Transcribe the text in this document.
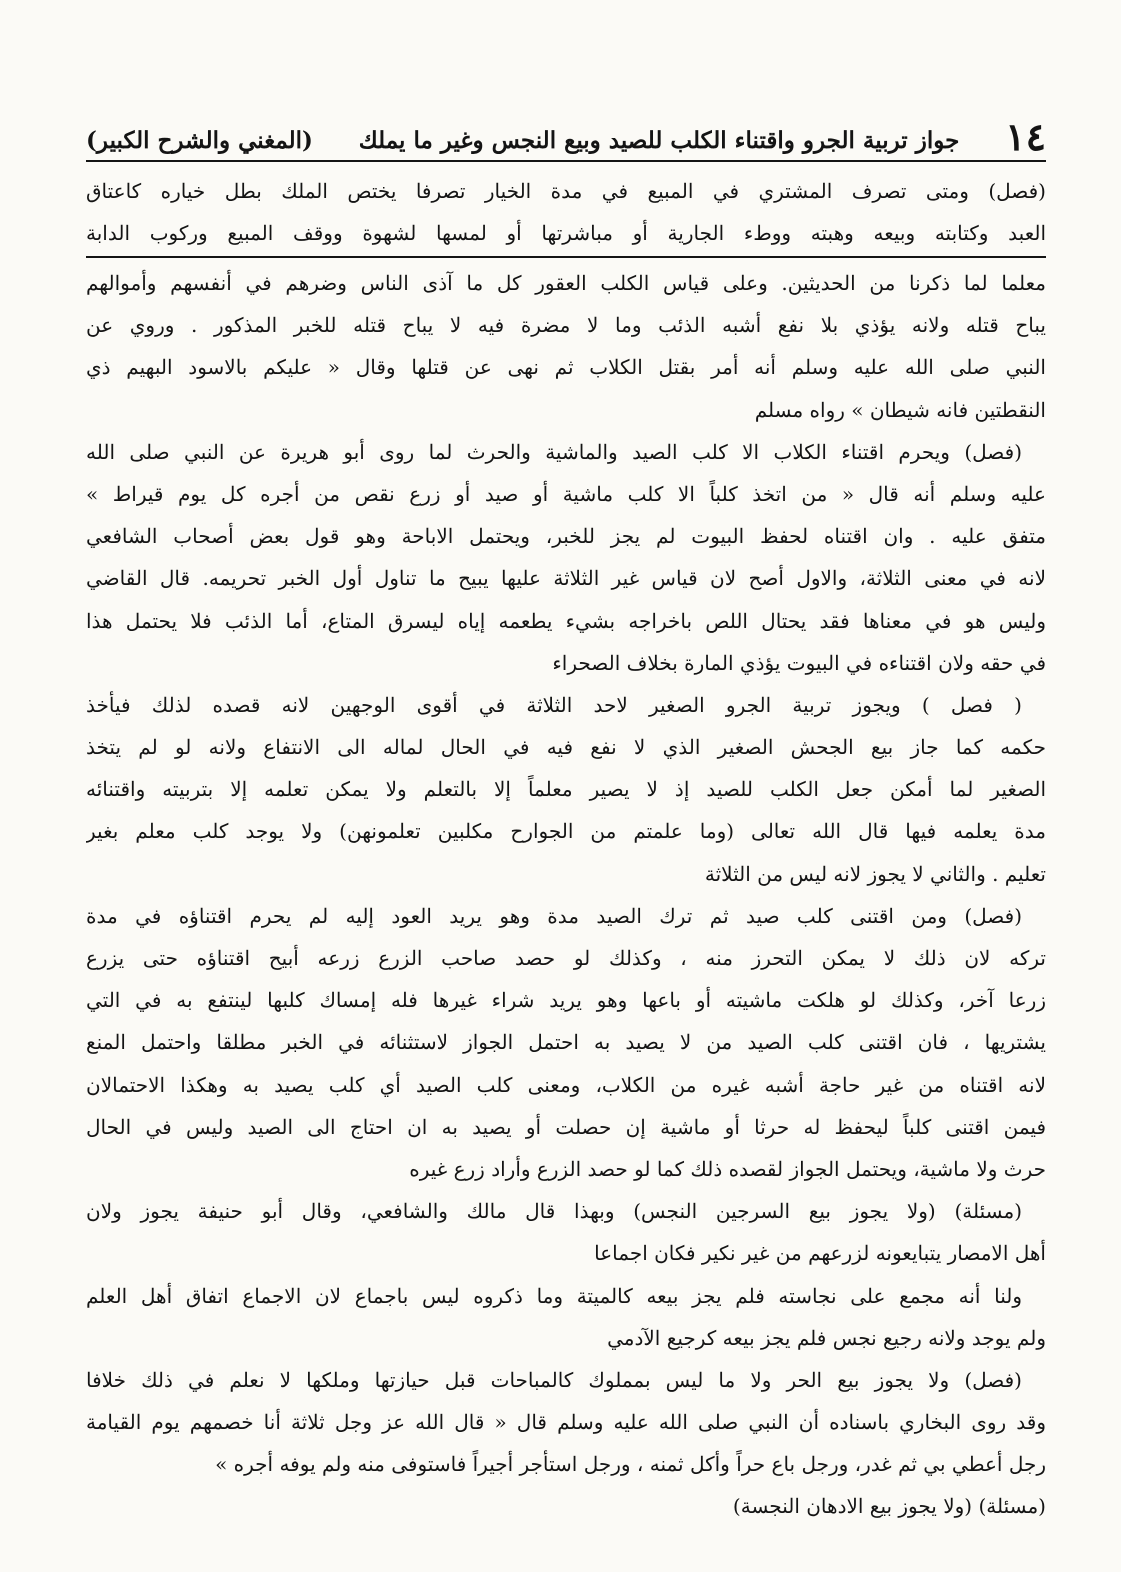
١٤
جواز تربية الجرو واقتناء الكلب للصيد وبيع النجس وغير ما يملك
(المغني والشرح الكبير)
(فصل) ومتى تصرف المشتري في المبيع في مدة الخيار تصرفا يختص الملك بطل خياره كاعتاق
العبد وكتابته وبيعه وهبته ووطء الجارية أو مباشرتها أو لمسها لشهوة ووقف المبيع وركوب الدابة
معلما لما ذكرنا من الحديثين. وعلى قياس الكلب العقور كل ما آذى الناس وضرهم في أنفسهم وأموالهم
يباح قتله ولانه يؤذي بلا نفع أشبه الذئب وما لا مضرة فيه لا يباح قتله للخبر المذكور . وروي عن
النبي صلى الله عليه وسلم أنه أمر بقتل الكلاب ثم نهى عن قتلها وقال « عليكم بالاسود البهيم ذي
النقطتين فانه شيطان » رواه مسلم
(فصل) ويحرم اقتناء الكلاب الا كلب الصيد والماشية والحرث لما روى أبو هريرة عن النبي صلى الله
عليه وسلم أنه قال « من اتخذ كلباً الا كلب ماشية أو صيد أو زرع نقص من أجره كل يوم قيراط »
متفق عليه . وان اقتناه لحفظ البيوت لم يجز للخبر، ويحتمل الاباحة وهو قول بعض أصحاب الشافعي
لانه في معنى الثلاثة، والاول أصح لان قياس غير الثلاثة عليها يبيح ما تناول أول الخبر تحريمه. قال القاضي
وليس هو في معناها فقد يحتال اللص باخراجه بشيء يطعمه إياه ليسرق المتاع، أما الذئب فلا يحتمل هذا
في حقه ولان اقتناءه في البيوت يؤذي المارة بخلاف الصحراء
( فصل ) ويجوز تربية الجرو الصغير لاحد الثلاثة في أقوى الوجهين لانه قصده لذلك فيأخذ
حكمه كما جاز بيع الجحش الصغير الذي لا نفع فيه في الحال لماله الى الانتفاع ولانه لو لم يتخذ
الصغير لما أمكن جعل الكلب للصيد إذ لا يصير معلماً إلا بالتعلم ولا يمكن تعلمه إلا بتربيته واقتنائه
مدة يعلمه فيها قال الله تعالى (وما علمتم من الجوارح مكلبين تعلمونهن) ولا يوجد كلب معلم بغير
تعليم . والثاني لا يجوز لانه ليس من الثلاثة
(فصل) ومن اقتنى كلب صيد ثم ترك الصيد مدة وهو يريد العود إليه لم يحرم اقتناؤه في مدة
تركه لان ذلك لا يمكن التحرز منه ، وكذلك لو حصد صاحب الزرع زرعه أبيح اقتناؤه حتى يزرع
زرعا آخر، وكذلك لو هلكت ماشيته أو باعها وهو يريد شراء غيرها فله إمساك كلبها لينتفع به في التي
يشتريها ، فان اقتنى كلب الصيد من لا يصيد به احتمل الجواز لاستثنائه في الخبر مطلقا واحتمل المنع
لانه اقتناه من غير حاجة أشبه غيره من الكلاب، ومعنى كلب الصيد أي كلب يصيد به وهكذا الاحتمالان
فيمن اقتنى كلباً ليحفظ له حرثا أو ماشية إن حصلت أو يصيد به ان احتاج الى الصيد وليس في الحال
حرث ولا ماشية، ويحتمل الجواز لقصده ذلك كما لو حصد الزرع وأراد زرع غيره
(مسئلة) (ولا يجوز بيع السرجين النجس) وبهذا قال مالك والشافعي، وقال أبو حنيفة يجوز ولان
أهل الامصار يتبايعونه لزرعهم من غير نكير فكان اجماعا
ولنا أنه مجمع على نجاسته فلم يجز بيعه كالميتة وما ذكروه ليس باجماع لان الاجماع اتفاق أهل العلم
ولم يوجد ولانه رجيع نجس فلم يجز بيعه كرجيع الآدمي
(فصل) ولا يجوز بيع الحر ولا ما ليس بمملوك كالمباحات قبل حيازتها وملكها لا نعلم في ذلك خلافا
وقد روى البخاري باسناده أن النبي صلى الله عليه وسلم قال « قال الله عز وجل ثلاثة أنا خصمهم يوم القيامة
رجل أعطي بي ثم غدر، ورجل باع حراً وأكل ثمنه ، ورجل استأجر أجيراً فاستوفى منه ولم يوفه أجره »
(مسئلة) (ولا يجوز بيع الادهان النجسة)
